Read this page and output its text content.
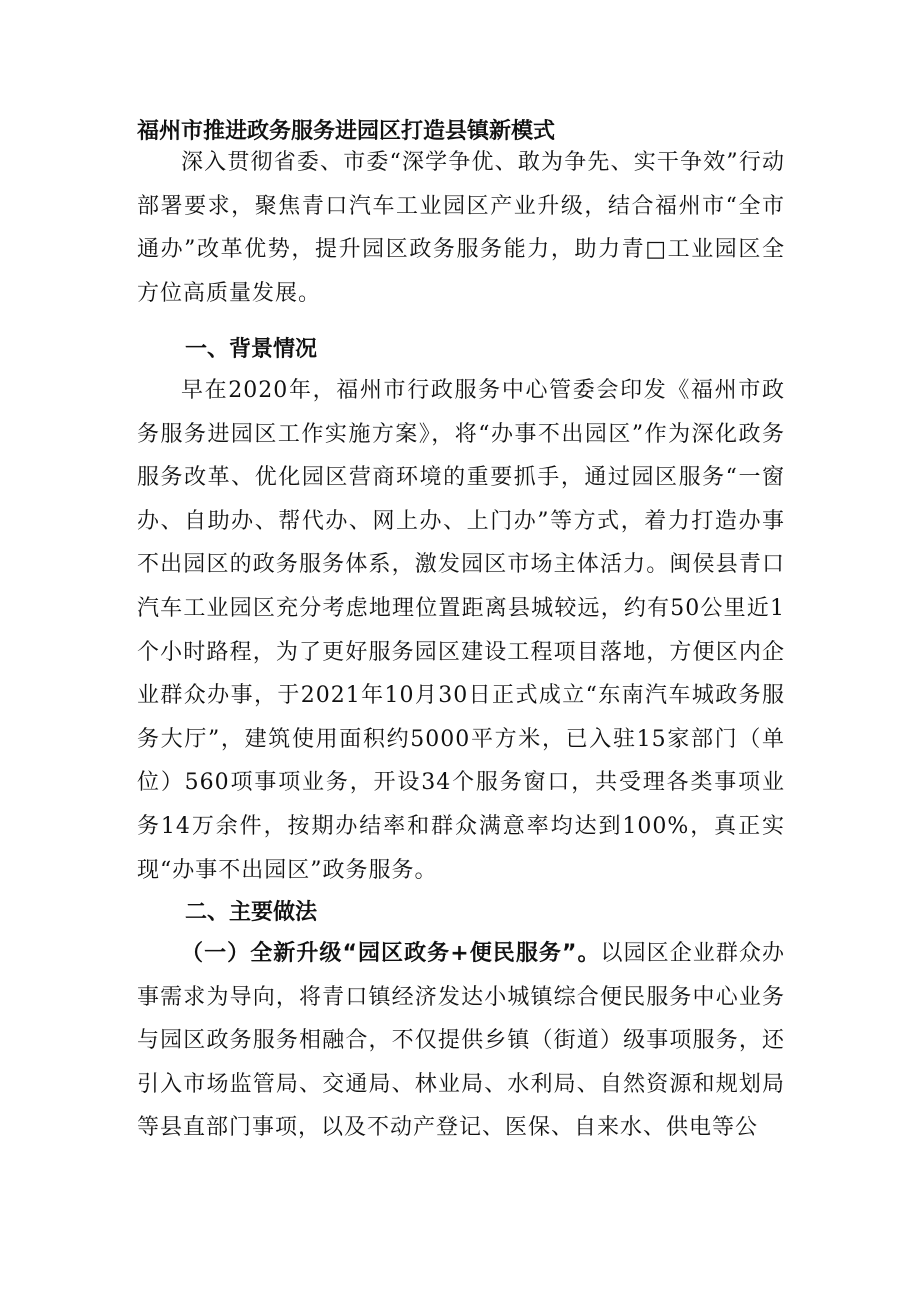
福州市推进政务服务进园区打造县镇新模式

深入贯彻省委、市委“深学争优、敢为争先、实干争效”行动部署要求，聚焦青口汽车工业园区产业升级，结合福州市“全市通办”改革优势，提升园区政务服务能力，助力青□工业园区全方位高质量发展。

一、背景情况

早在2020年，福州市行政服务中心管委会印发《福州市政务服务进园区工作实施方案》，将“办事不出园区”作为深化政务服务改革、优化园区营商环境的重要抓手，通过园区服务“一窗办、自助办、帮代办、网上办、上门办”等方式，着力打造办事不出园区的政务服务体系，激发园区市场主体活力。闽侯县青口汽车工业园区充分考虑地理位置距离县城较远，约有50公里近1个小时路程，为了更好服务园区建设工程项目落地，方便区内企业群众办事，于2021年10月30日正式成立“东南汽车城政务服务大厅”，建筑使用面积约5000平方米，已入驻15家部门（单位）560项事项业务，开设34个服务窗口，共受理各类事项业务14万余件，按期办结率和群众满意率均达到100%，真正实现“办事不出园区”政务服务。

二、主要做法

（一）全新升级“园区政务+便民服务”。以园区企业群众办事需求为导向，将青口镇经济发达小城镇综合便民服务中心业务与园区政务服务相融合，不仅提供乡镇（街道）级事项服务，还引入市场监管局、交通局、林业局、水利局、自然资源和规划局等县直部门事项，以及不动产登记、医保、自来水、供电等公
